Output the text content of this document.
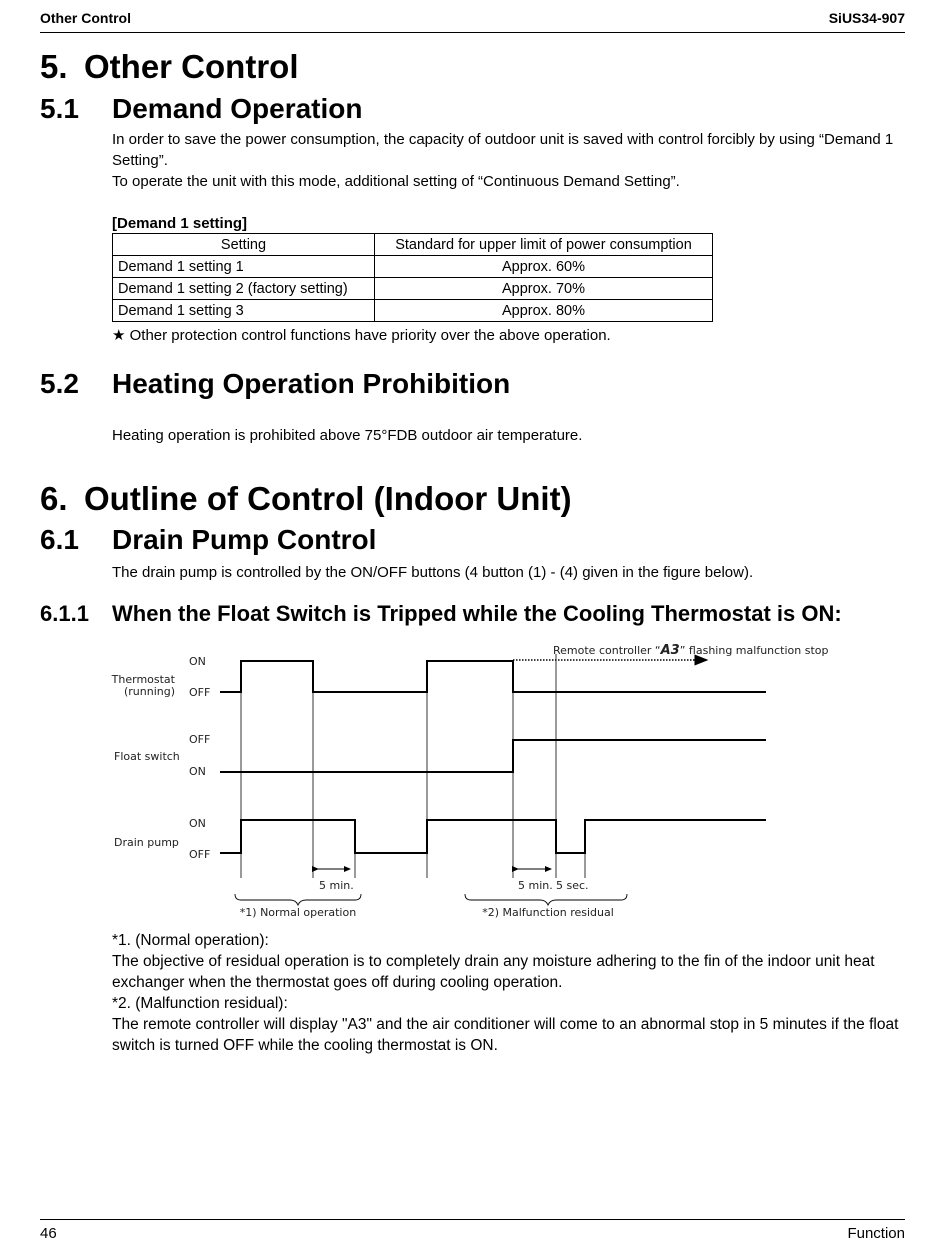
Other Control	SiUS34-907
5. Other Control
5.1 Demand Operation
In order to save the power consumption, the capacity of outdoor unit is saved with control forcibly by using “Demand 1 Setting”.
To operate the unit with this mode, additional setting of “Continuous Demand Setting”.
[Demand 1 setting]
Setting	Standard for upper limit of power consumption
Demand 1 setting 1	Approx. 60%
Demand 1 setting 2 (factory setting)	Approx. 70%
Demand 1 setting 3	Approx. 80%
★ Other protection control functions have priority over the above operation.
5.2 Heating Operation Prohibition
Heating operation is prohibited above 75°FDB outdoor air temperature.
6. Outline of Control (Indoor Unit)
6.1 Drain Pump Control
The drain pump is controlled by the ON/OFF buttons (4 button (1) - (4) given in the figure below).
6.1.1 When the Float Switch is Tripped while the Cooling Thermostat is ON:
Remote controller “A3” flashing malfunction stop
Thermostat
(running)
Float switch
Drain pump
ON
OFF
OFF
ON
ON
OFF
5 min.	5 min. 5 sec.
*1) Normal operation	*2) Malfunction residual
*1. (Normal operation):
The objective of residual operation is to completely drain any moisture adhering to the fin of the indoor unit heat exchanger when the thermostat goes off during cooling operation.
*2. (Malfunction residual):
The remote controller will display "A3" and the air conditioner will come to an abnormal stop in 5 minutes if the float switch is turned OFF while the cooling thermostat is ON.
46	Function
